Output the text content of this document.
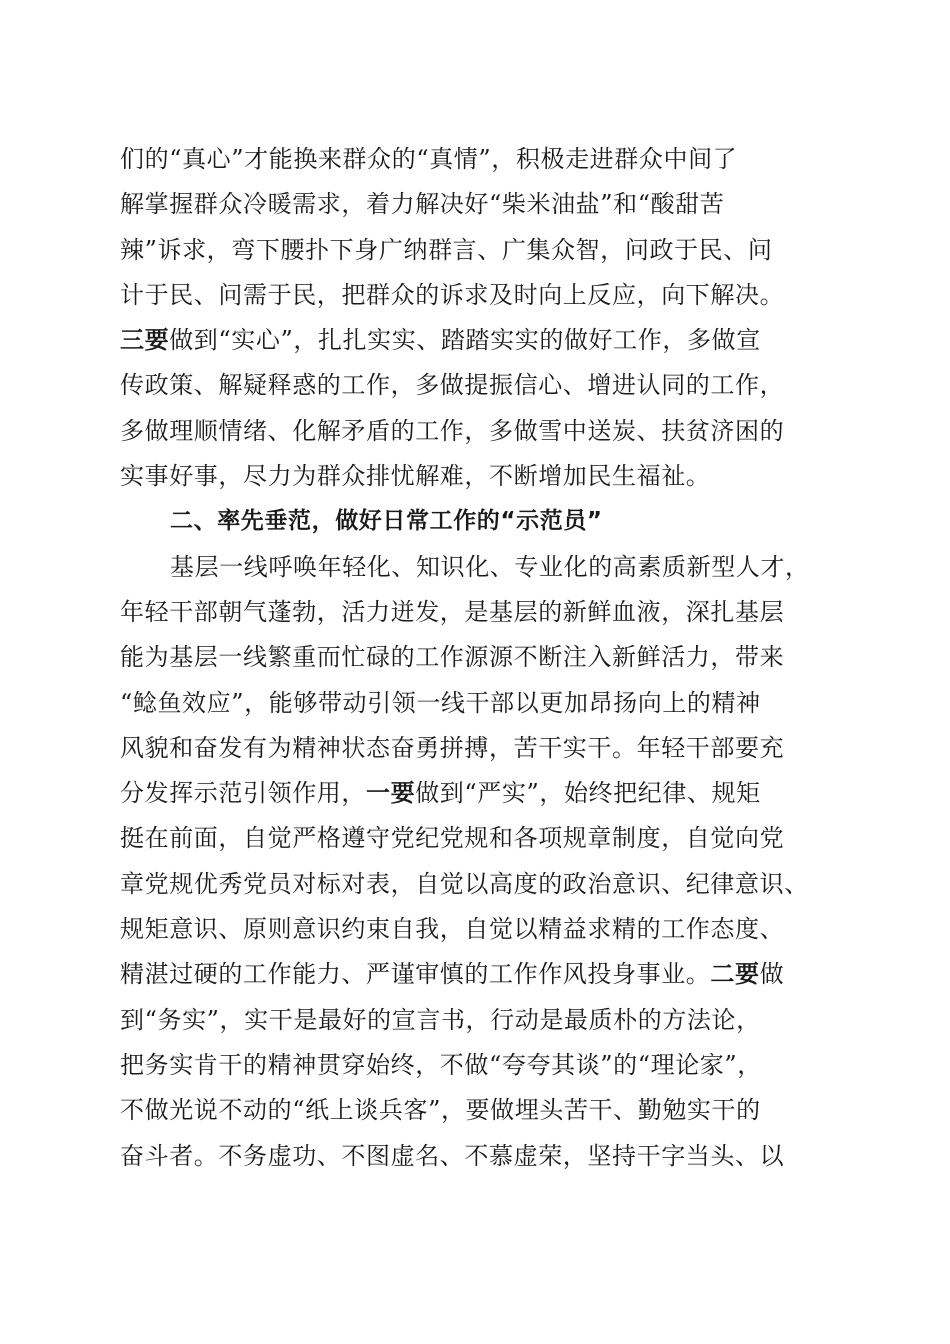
们的“真心”才能换来群众的“真情”，积极走进群众中间了
解掌握群众冷暖需求，着力解决好“柴米油盐”和“酸甜苦
辣”诉求，弯下腰扑下身广纳群言、广集众智，问政于民、问
计于民、问需于民，把群众的诉求及时向上反应，向下解决。
三要做到“实心”，扎扎实实、踏踏实实的做好工作，多做宣
传政策、解疑释惑的工作，多做提振信心、增进认同的工作，
多做理顺情绪、化解矛盾的工作，多做雪中送炭、扶贫济困的
实事好事，尽力为群众排忧解难，不断增加民生福祉。
二、率先垂范，做好日常工作的“示范员”
基层一线呼唤年轻化、知识化、专业化的高素质新型人才，
年轻干部朝气蓬勃，活力迸发，是基层的新鲜血液，深扎基层
能为基层一线繁重而忙碌的工作源源不断注入新鲜活力，带来
“鲶鱼效应”，能够带动引领一线干部以更加昂扬向上的精神
风貌和奋发有为精神状态奋勇拼搏，苦干实干。年轻干部要充
分发挥示范引领作用，一要做到“严实”，始终把纪律、规矩
挺在前面，自觉严格遵守党纪党规和各项规章制度，自觉向党
章党规优秀党员对标对表，自觉以高度的政治意识、纪律意识、
规矩意识、原则意识约束自我，自觉以精益求精的工作态度、
精湛过硬的工作能力、严谨审慎的工作作风投身事业。二要做
到“务实”，实干是最好的宣言书，行动是最质朴的方法论，
把务实肯干的精神贯穿始终，不做“夸夸其谈”的“理论家”，
不做光说不动的“纸上谈兵客”，要做埋头苦干、勤勉实干的
奋斗者。不务虚功、不图虚名、不慕虚荣，坚持干字当头、以
